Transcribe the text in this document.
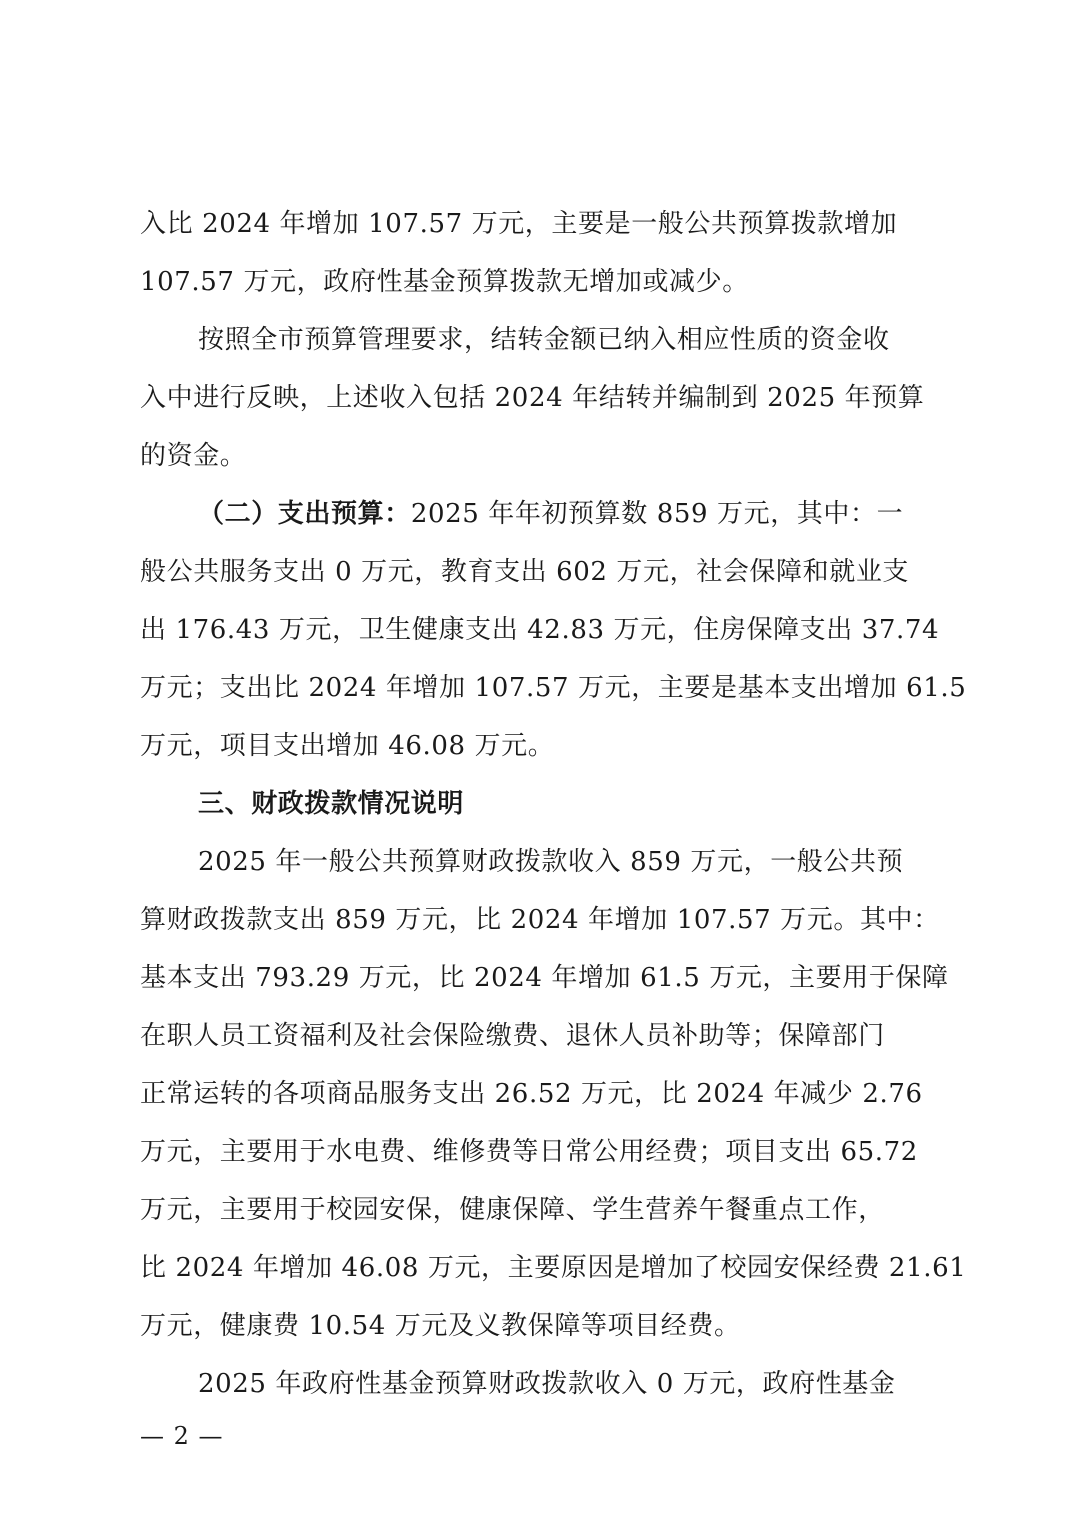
入比 2024 年增加 107.57 万元，主要是一般公共预算拨款增加
107.57 万元，政府性基金预算拨款无增加或减少。
按照全市预算管理要求，结转金额已纳入相应性质的资金收
入中进行反映，上述收入包括 2024 年结转并编制到 2025 年预算
的资金。
（二）支出预算：2025 年年初预算数 859 万元，其中：一
般公共服务支出 0 万元，教育支出 602 万元，社会保障和就业支
出 176.43 万元，卫生健康支出 42.83 万元，住房保障支出 37.74
万元；支出比 2024 年增加 107.57 万元，主要是基本支出增加 61.5
万元，项目支出增加 46.08 万元。
三、财政拨款情况说明
2025 年一般公共预算财政拨款收入 859 万元，一般公共预
算财政拨款支出 859 万元，比 2024 年增加 107.57 万元。其中：
基本支出 793.29 万元，比 2024 年增加 61.5 万元，主要用于保障
在职人员工资福利及社会保险缴费、退休人员补助等；保障部门
正常运转的各项商品服务支出 26.52 万元，比 2024 年减少 2.76
万元，主要用于水电费、维修费等日常公用经费；项目支出 65.72
万元，主要用于校园安保，健康保障、学生营养午餐重点工作，
比 2024 年增加 46.08 万元，主要原因是增加了校园安保经费 21.61
万元，健康费 10.54 万元及义教保障等项目经费。
— 2 —
2025 年政府性基金预算财政拨款收入 0 万元，政府性基金
